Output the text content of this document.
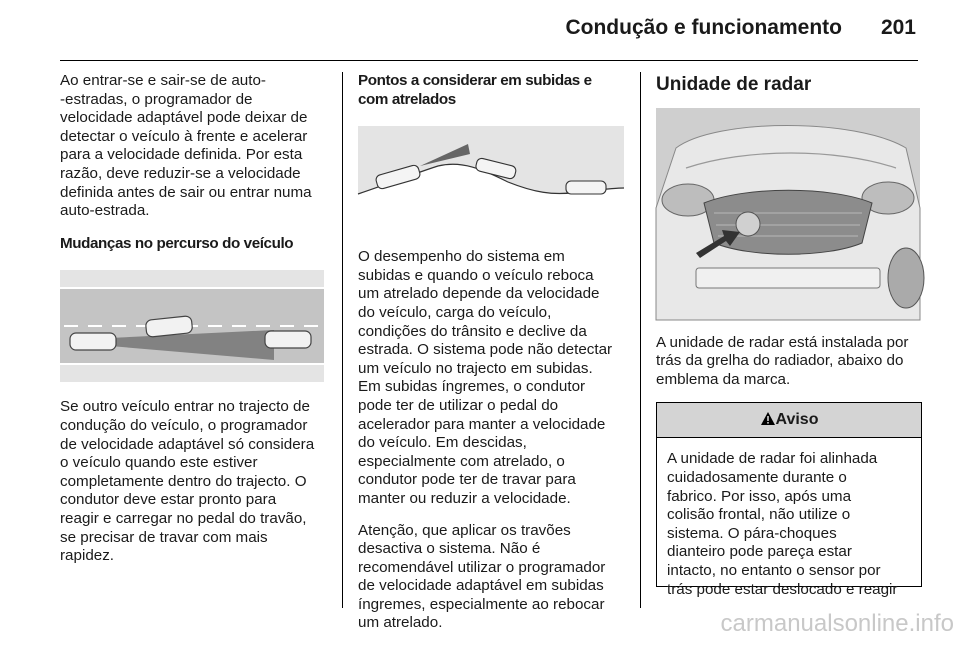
Condução e funcionamento 201

Ao entrar-se e sair-se de auto-
-estradas, o programador de
velocidade adaptável pode deixar de
detectar o veículo à frente e acelerar
para a velocidade definida. Por esta
razão, deve reduzir-se a velocidade
definida antes de sair ou entrar numa
auto-estrada.

Mudanças no percurso do veículo

Se outro veículo entrar no trajecto de
condução do veículo, o programador
de velocidade adaptável só considera
o veículo quando este estiver
completamente dentro do trajecto. O
condutor deve estar pronto para
reagir e carregar no pedal do travão,
se precisar de travar com mais
rapidez.

Pontos a considerar em subidas e
com atrelados

O desempenho do sistema em
subidas e quando o veículo reboca
um atrelado depende da velocidade
do veículo, carga do veículo,
condições do trânsito e declive da
estrada. O sistema pode não detectar
um veículo no trajecto em subidas.
Em subidas íngremes, o condutor
pode ter de utilizar o pedal do
acelerador para manter a velocidade
do veículo. Em descidas,
especialmente com atrelado, o
condutor pode ter de travar para
manter ou reduzir a velocidade.

Atenção, que aplicar os travões
desactiva o sistema. Não é
recomendável utilizar o programador
de velocidade adaptável em subidas
íngremes, especialmente ao rebocar
um atrelado.

Unidade de radar

A unidade de radar está instalada por
trás da grelha do radiador, abaixo do
emblema da marca.

Aviso
A unidade de radar foi alinhada
cuidadosamente durante o
fabrico. Por isso, após uma
colisão frontal, não utilize o
sistema. O pára-choques
dianteiro pode pareça estar
intacto, no entanto o sensor por
trás pode estar deslocado e reagir
carmanualsonline.info
